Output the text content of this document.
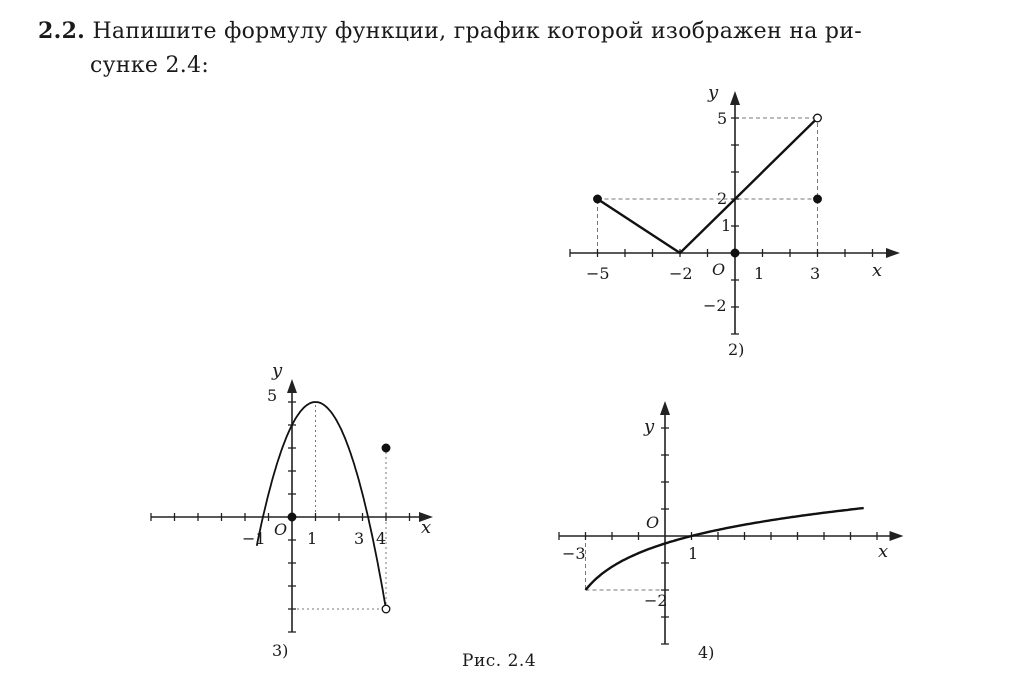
2.2. Напишите формулу функции, график которой изображен на ри-
сунке 2.4:
x
y
−5	−2 O 1	3
5
2
1
−2
2)
x
y
−1 O 1 3 4
5
3)
x
y
O
−3	1
−2
4)
Рис. 2.4
